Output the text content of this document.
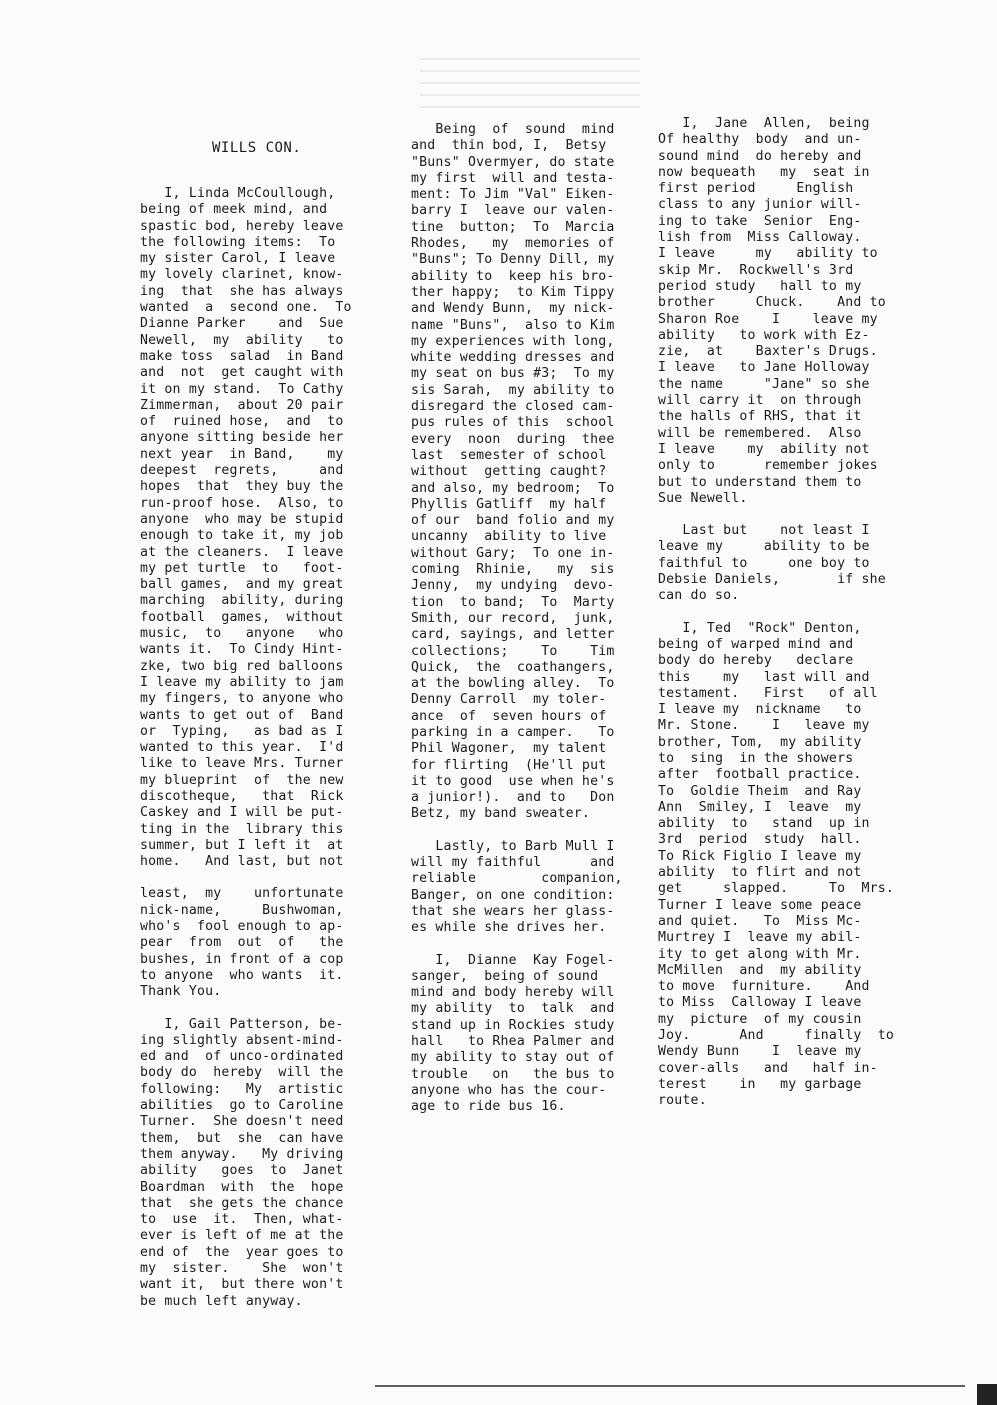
WILLS CON.

I, Linda McCoullough,

being of meek mind, and

spastic bod, hereby leave

the following items:  To

my sister Carol, I leave

my lovely clarinet, know-

ing  that  she has always

wanted  a  second one.  To

Dianne Parker    and  Sue

Newell,  my  ability   to

make toss  salad  in Band

and  not  get caught with

it on my stand.  To Cathy

Zimmerman,  about 20 pair

of  ruined hose,  and  to

anyone sitting beside her

next year  in Band,    my

deepest  regrets,     and

hopes  that  they buy the

run-proof hose.  Also, to

anyone  who may be stupid

enough to take it, my job

at the cleaners.  I leave

my pet turtle  to   foot-

ball games,  and my great

marching  ability, during

football  games,  without

music,  to   anyone   who

wants it.  To Cindy Hint-

zke, two big red balloons

I leave my ability to jam

my fingers, to anyone who

wants to get out of  Band

or  Typing,   as bad as I

wanted to this year.  I'd

like to leave Mrs. Turner

my blueprint  of  the new

discotheque,   that  Rick

Caskey and I will be put-

ting in the  library this

summer, but I left it  at

home.   And last, but not

least,  my    unfortunate

nick-name,     Bushwoman,

who's  fool enough to ap-

pear  from  out  of   the

bushes, in front of a cop

to anyone  who wants  it.

Thank You.

I, Gail Patterson, be-

ing slightly absent-mind-

ed and  of unco-ordinated

body do  hereby  will the

following:   My  artistic

abilities  go to Caroline

Turner.  She doesn't need

them,  but  she  can have

them anyway.   My driving

ability   goes  to  Janet

Boardman  with  the  hope

that  she gets the chance

to  use  it.  Then, what-

ever is left of me at the

end of  the  year goes to

my  sister.    She  won't

want it,  but there won't

be much left anyway.

Being  of  sound  mind

and  thin bod, I,  Betsy

"Buns" Overmyer, do state

my first  will and testa-

ment: To Jim "Val" Eiken-

barry I  leave our valen-

tine  button;  To  Marcia

Rhodes,   my  memories of

"Buns"; To Denny Dill, my

ability to  keep his bro-

ther happy;  to Kim Tippy

and Wendy Bunn,  my nick-

name "Buns",  also to Kim

my experiences with long,

white wedding dresses and

my seat on bus #3;  To my

sis Sarah,  my ability to

disregard the closed cam-

pus rules of this  school

every  noon  during  thee

last  semester of school

without  getting caught?

and also, my bedroom;  To

Phyllis Gatliff  my half

of our  band folio and my

uncanny  ability to live

without Gary;  To one in-

coming  Rhinie,   my  sis

Jenny,  my undying  devo-

tion  to band;  To  Marty

Smith, our record,  junk,

card, sayings, and letter

collections;    To    Tim

Quick,  the  coathangers,

at the bowling alley.  To

Denny Carroll  my toler-

ance  of  seven hours of

parking in a camper.   To

Phil Wagoner,  my talent

for flirting  (He'll put

it to good  use when he's

a junior!).  and to   Don

Betz, my band sweater.

Lastly, to Barb Mull I

will my faithful      and

reliable        companion,

Banger, on one condition:

that she wears her glass-

es while she drives her.

I,  Dianne  Kay Fogel-

sanger,  being of sound

mind and body hereby will

my ability  to  talk  and

stand up in Rockies study

hall   to Rhea Palmer and

my ability to stay out of

trouble   on   the bus to

anyone who has the cour-

age to ride bus 16.

I,  Jane  Allen,  being

Of healthy  body  and un-

sound mind  do hereby and

now bequeath   my  seat in

first period     English

class to any junior will-

ing to take  Senior  Eng-

lish from  Miss Calloway.

I leave     my   ability to

skip Mr.  Rockwell's 3rd

period study   hall to my

brother     Chuck.    And to

Sharon Roe    I    leave my

ability   to work with Ez-

zie,  at    Baxter's Drugs.

I leave   to Jane Holloway

the name     "Jane" so she

will carry it  on through

the halls of RHS, that it

will be remembered.  Also

I leave    my  ability not

only to      remember jokes

but to understand them to

Sue Newell.

Last but    not least I

leave my     ability to be

faithful to     one boy to

Debsie Daniels,       if she

can do so.

I, Ted  "Rock" Denton,

being of warped mind and

body do hereby   declare

this    my   last will and

testament.   First   of all

I leave my  nickname   to

Mr. Stone.    I   leave my

brother, Tom,  my ability

to  sing  in the showers

after  football practice.

To  Goldie Theim  and Ray

Ann  Smiley, I  leave  my

ability  to   stand  up in

3rd  period  study  hall.

To Rick Figlio I leave my

ability  to flirt and not

get     slapped.     To  Mrs.

Turner I leave some peace

and quiet.   To  Miss Mc-

Murtrey I  leave my abil-

ity to get along with Mr.

McMillen  and  my ability

to move  furniture.    And

to Miss  Calloway I leave

my  picture  of my cousin

Joy.      And     finally  to

Wendy Bunn    I  leave my

cover-alls   and   half in-

terest    in   my garbage

route.
